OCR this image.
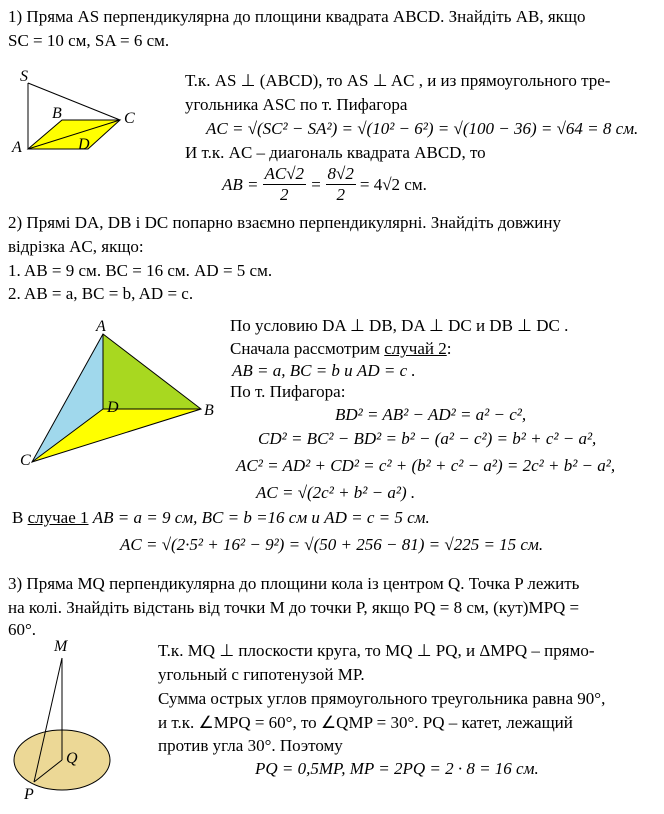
1) Пряма AS перпендикулярна до площини квадрата ABCD. Знайдіть AB, якщо
SC = 10 см, SA = 6 см.
S
A
B	C
D
Т.к. AS ⊥ (ABCD), то AS ⊥ AC , и из прямоугольного тре-
угольника ASC по т. Пифагора
AC = √(SC² − SA²) = √(10² − 6²) = √(100 − 36) = √64 = 8 см.
И т.к. AC – диагональ квадрата ABCD, то
AB = $\frac{AC√2}{2} = \frac{8√2}{2} = 4√2$ см.
2) Прямі DA, DB і DC попарно взаємно перпендикулярні. Знайдіть довжину
відрізка AC, якщо:
1. AB = 9 см. BC = 16 см. AD = 5 см.
2. AB = a, BC = b, AD = c.
A
B
C
D
По условию DA ⊥ DB, DA ⊥ DC и DB ⊥ DC .
Сначала рассмотрим случай 2:
AB = a, BC = b и AD = c .
По т. Пифагора:
BD² = AB² − AD² = a² − c²,
CD² = BC² − BD² = b² − (a² − c²) = b² + c² − a²,
AC² = AD² + CD² = c² + (b² + c² − a²) = 2c² + b² − a²,
AC = √(2c² + b² − a²) .
В случае 1 AB = a = 9 см, BC = b =16 см и AD = c = 5 см.
AC = √(2·5² + 16² − 9²) = √(50 + 256 − 81) = √225 = 15 см.
3) Пряма MQ перпендикулярна до площини кола із центром Q. Точка P лежить
на колі. Знайдіть відстань від точки M до точки P, якщо PQ = 8 см, (кут)MPQ =
60°.
M
Q
P
Т.к. MQ ⊥ плоскости круга, то MQ ⊥ PQ, и ΔMPQ – прямо-
угольный с гипотенузой MP.
Сумма острых углов прямоугольного треугольника равна 90°,
и т.к. ∠MPQ = 60°, то ∠QMP = 30°. PQ – катет, лежащий
против угла 30°. Поэтому
PQ = 0,5MP, MP = 2PQ = 2 · 8 = 16 см.
